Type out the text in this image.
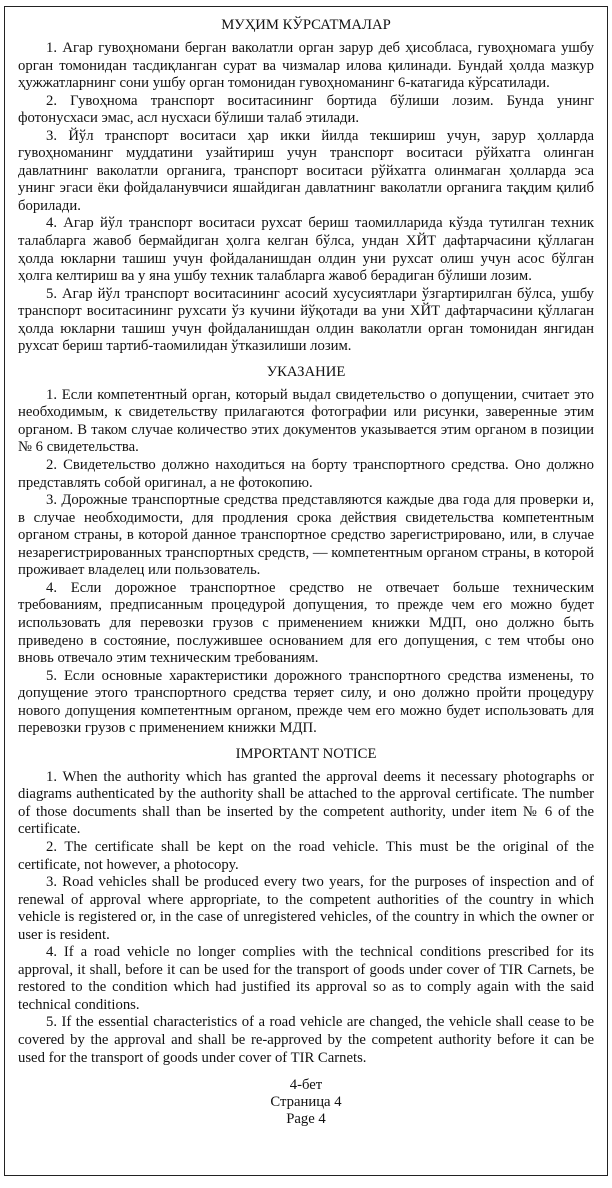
МУҲИМ КЎРСАТМАЛАР

1. Агар гувоҳномани берган ваколатли орган зарур деб ҳисобласа, гувоҳномага ушбу орган томонидан тасдиқланган сурат ва чизмалар илова қилинади. Бундай ҳолда мазкур ҳужжатларнинг сони ушбу орган томонидан гувоҳноманинг 6-катагида кўрсатилади.

2. Гувоҳнома транспорт воситасининг бортида бўлиши лозим. Бунда унинг фотонусхаси эмас, асл нусхаси бўлиши талаб этилади.

3. Йўл транспорт воситаси ҳар икки йилда текшириш учун, зарур ҳолларда гувоҳноманинг муддатини узайтириш учун транспорт воситаси рўйхатга олинган давлатнинг ваколатли органига, транспорт воситаси рўйхатга олинмаган ҳолларда эса унинг эгаси ёки фойдаланувчиси яшайдиган давлатнинг ваколатли органига тақдим қилиб борилади.

4. Агар йўл транспорт воситаси рухсат бериш таомилларида кўзда тутилган техник талабларга жавоб бермайдиган ҳолга келган бўлса, ундан ХЙТ дафтарчасини қўллаган ҳолда юкларни ташиш учун фойдаланишдан олдин уни рухсат олиш учун асос бўлган ҳолга келтириш ва у яна ушбу техник талабларга жавоб берадиган бўлиши лозим.

5. Агар йўл транспорт воситасининг асосий хусусиятлари ўзгартирилган бўлса, ушбу транспорт воситасининг рухсати ўз кучини йўқотади ва уни ХЙТ дафтарчасини қўллаган ҳолда юкларни ташиш учун фойдаланишдан олдин ваколатли орган томонидан янгидан рухсат бериш тартиб-таомилидан ўтказилиши лозим.

УКАЗАНИЕ

1. Если компетентный орган, который выдал свидетельство о допущении, считает это необходимым, к свидетельству прилагаются фотографии или рисунки, заверенные этим органом. В таком случае количество этих документов указывается этим органом в позиции № 6 свидетельства.

2. Свидетельство должно находиться на борту транспортного средства. Оно должно представлять собой оригинал, а не фотокопию.

3. Дорожные транспортные средства представляются каждые два года для проверки и, в случае необходимости, для продления срока действия свидетельства компетентным органом страны, в которой данное транспортное средство зарегистрировано, или, в случае незарегистрированных транспортных средств, — компетентным органом страны, в которой проживает владелец или пользователь.

4. Если дорожное транспортное средство не отвечает больше техническим требованиям, предписанным процедурой допущения, то прежде чем его можно будет использовать для перевозки грузов с применением книжки МДП, оно должно быть приведено в состояние, послужившее основанием для его допущения, с тем чтобы оно вновь отвечало этим техническим требованиям.

5. Если основные характеристики дорожного транспортного средства изменены, то допущение этого транспортного средства теряет силу, и оно должно пройти процедуру нового допущения компетентным органом, прежде чем его можно будет использовать для перевозки грузов с применением книжки МДП.

IMPORTANT NOTICE

1. When the authority which has granted the approval deems it necessary photographs or diagrams authenticated by the authority shall be attached to the approval certificate. The number of those documents shall than be inserted by the competent authority, under item № 6 of the certificate.

2. The certificate shall be kept on the road vehicle. This must be the original of the certificate, not however, a photocopy.

3. Road vehicles shall be produced every two years, for the purposes of inspection and of renewal of approval where appropriate, to the competent authorities of the country in which vehicle is registered or, in the case of unregistered vehicles, of the country in which the owner or user is resident.

4. If a road vehicle no longer complies with the technical conditions prescribed for its approval, it shall, before it can be used for the transport of goods under cover of TIR Carnets, be restored to the condition which had justified its approval so as to comply again with the said technical conditions.

5. If the essential characteristics of a road vehicle are changed, the vehicle shall cease to be covered by the approval and shall be re-approved by the competent authority before it can be used for the transport of goods under cover of TIR Carnets.

4-бет
Страница 4
Page 4
